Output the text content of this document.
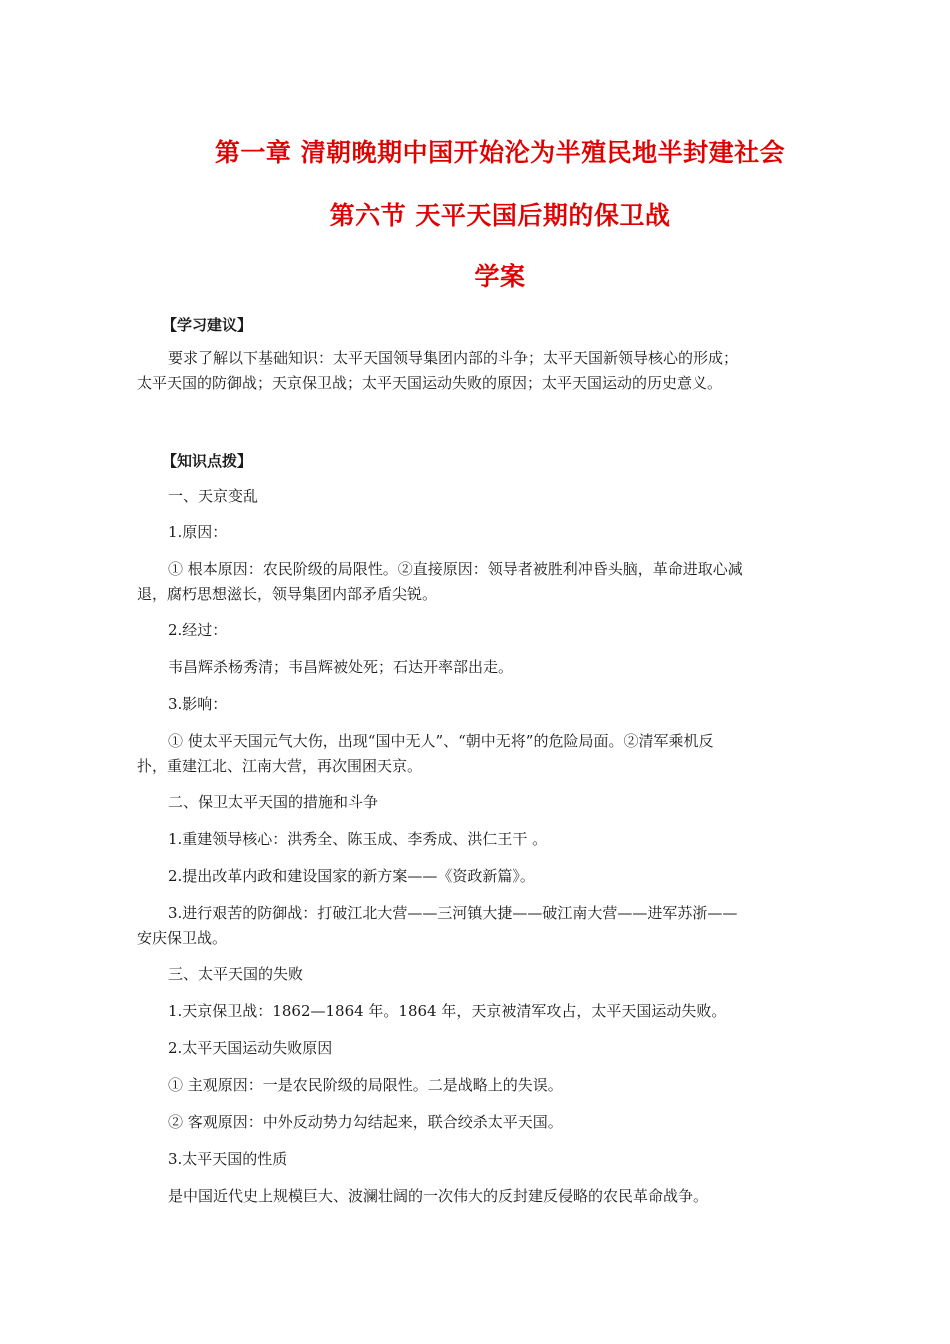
第一章 清朝晚期中国开始沦为半殖民地半封建社会
第六节 天平天国后期的保卫战
学案
【学习建议】
要求了解以下基础知识：太平天国领导集团内部的斗争；太平天国新领导核心的形成；
太平天国的防御战；天京保卫战；太平天国运动失败的原因；太平天国运动的历史意义。
【知识点拨】
一、天京变乱
1.原因：
① 根本原因：农民阶级的局限性。②直接原因：领导者被胜利冲昏头脑，革命进取心减
退，腐朽思想滋长，领导集团内部矛盾尖锐。
2.经过：
韦昌辉杀杨秀清；韦昌辉被处死；石达开率部出走。
3.影响：
① 使太平天国元气大伤，出现“国中无人”、“朝中无将”的危险局面。②清军乘机反
扑，重建江北、江南大营，再次围困天京。
二、保卫太平天国的措施和斗争
1.重建领导核心：洪秀全、陈玉成、李秀成、洪仁王干 。
2.提出改革内政和建设国家的新方案——《资政新篇》。
3.进行艰苦的防御战：打破江北大营——三河镇大捷——破江南大营——进军苏浙——
安庆保卫战。
三、太平天国的失败
1.天京保卫战：1862—1864 年。1864 年，天京被清军攻占，太平天国运动失败。
2.太平天国运动失败原因
① 主观原因：一是农民阶级的局限性。二是战略上的失误。
② 客观原因：中外反动势力勾结起来，联合绞杀太平天国。
3.太平天国的性质
是中国近代史上规模巨大、波澜壮阔的一次伟大的反封建反侵略的农民革命战争。
